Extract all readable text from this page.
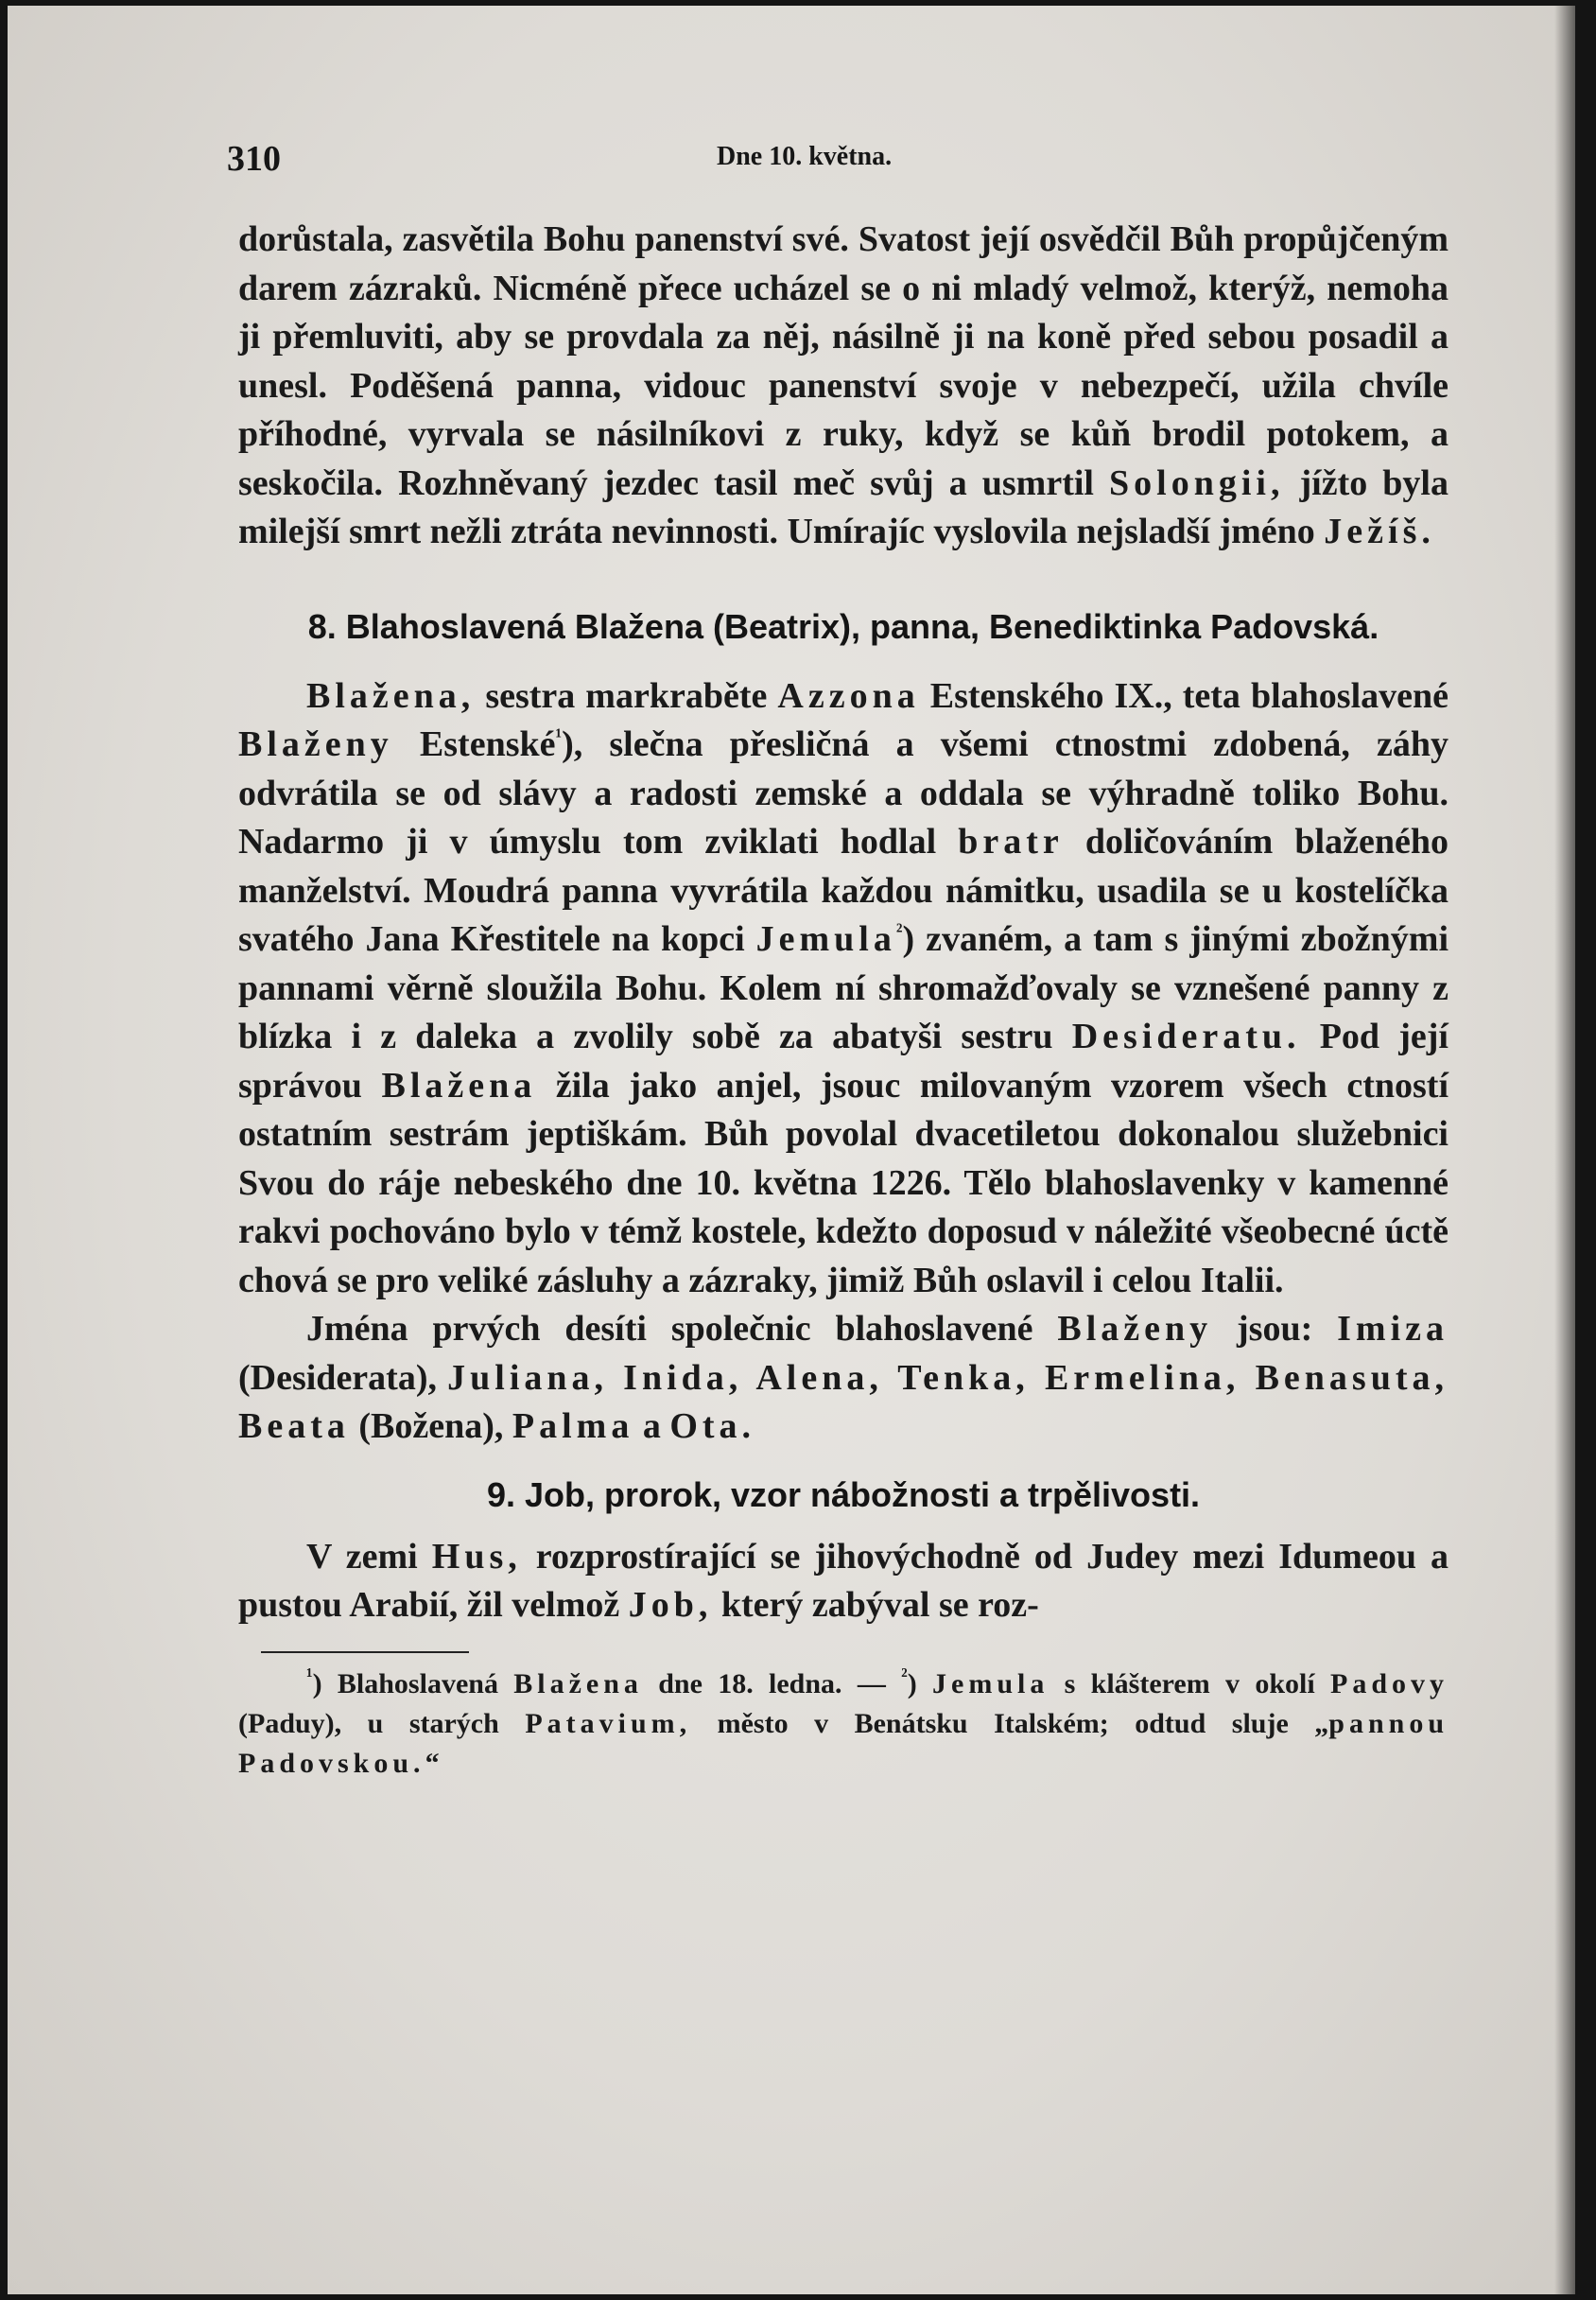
310	Dne 10. května.

dorůstala, zasvětila Bohu panenství své. Svatost její osvědčil Bůh propůjčeným darem zázraků. Nicméně přece ucházel se o ni mladý velmož, kterýž, nemoha ji přemluviti, aby se provdala za něj, násilně ji na koně před sebou posadil a unesl. Poděšená panna, vidouc panenství svoje v nebezpečí, užila chvíle příhodné, vyrvala se násilníkovi z ruky, když se kůň brodil potokem, a seskočila. Rozhněvaný jezdec tasil meč svůj a usmrtil Solongii, jížto byla milejší smrt nežli ztráta nevinnosti. Umírajíc vyslovila nejsladší jméno Ježíš.

8. Blahoslavená Blažena (Beatrix), panna, Benediktinka Padovská.

Blažena, sestra markraběte Azzona Estenského IX., teta blahoslavené Blaženy Estenské$^{^1}$), slečna přesličná a všemi ctnostmi zdobená, záhy odvrátila se od slávy a radosti zemské a oddala se výhradně toliko Bohu. Nadarmo ji v úmyslu tom zviklati hodlal bratr dolič​ováním blaženého manželství. Moudrá panna vyvrátila každou námitku, usadila se u kostelíčka svatého Jana Křestitele na kopci Jemula$^{^2}$) zvaném, a tam s jinými zbožnými pannami věrně sloužila Bohu. Kolem ní shromažďovaly se vznešené panny z blízka i z daleka a zvolily sobě za abatyši sestru Desideratu. Pod její správou Blažena žila jako anjel, jsouc milovaným vzorem všech ctností ostatním sestrám jeptiškám. Bůh povolal dvacetiletou dokonalou služebnici Svou do ráje nebeského dne 10. května 1226. Tělo blahoslavenky v kamenné rakvi pochováno bylo v témž kostele, kdežto doposud v náležité všeobecné úctě chová se pro veliké zásluhy a zázraky, jimiž Bůh oslavil i celou Italii.

Jména prvých desíti společnic blahoslavené Blaženy jsou: Imiza (Desiderata), Juliana, Inida, Alena, Tenka, Ermelina, Benasuta, Beata (Božena), Palma a Ota.

9. Job, prorok, vzor nábožnosti a trpělivosti.

V zemi Hus, rozprostírající se jihovýchodně od Judey mezi Idumeou a pustou Arabií, žil velmož Job, který zabýval se roz-

$^{^1}$) Blahoslavená Blažena dne 18. ledna. — $^{^2}$) Jemula s klášterem v okolí Padovy (Paduy), u starých Patavium, město v Benátsku Italském; odtud sluje „pannou Padovskou.“
